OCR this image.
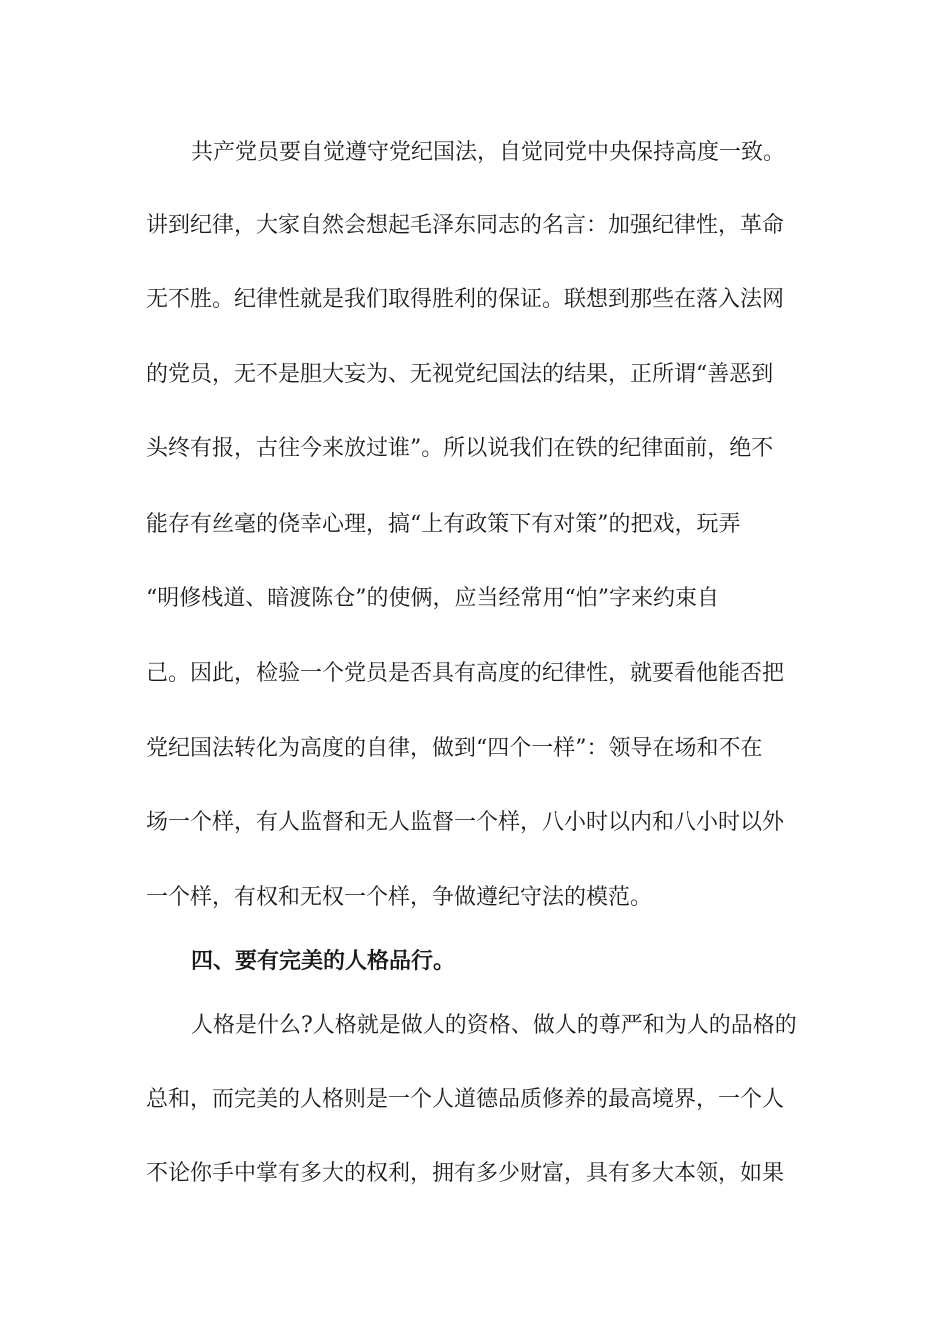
共产党员要自觉遵守党纪国法，自觉同党中央保持高度一致。
讲到纪律，大家自然会想起毛泽东同志的名言：加强纪律性，革命
无不胜。纪律性就是我们取得胜利的保证。联想到那些在落入法网
的党员，无不是胆大妄为、无视党纪国法的结果，正所谓“善恶到
头终有报，古往今来放过谁”。所以说我们在铁的纪律面前，绝不
能存有丝毫的侥幸心理，搞“上有政策下有对策”的把戏，玩弄
“明修栈道、暗渡陈仓”的使俩，应当经常用“怕”字来约束自
己。因此，检验一个党员是否具有高度的纪律性，就要看他能否把
党纪国法转化为高度的自律，做到“四个一样”：领导在场和不在
场一个样，有人监督和无人监督一个样，八小时以内和八小时以外
一个样，有权和无权一个样，争做遵纪守法的模范。
四、要有完美的人格品行。
人格是什么?人格就是做人的资格、做人的尊严和为人的品格的
总和，而完美的人格则是一个人道德品质修养的最高境界，一个人
不论你手中掌有多大的权利，拥有多少财富，具有多大本领，如果
